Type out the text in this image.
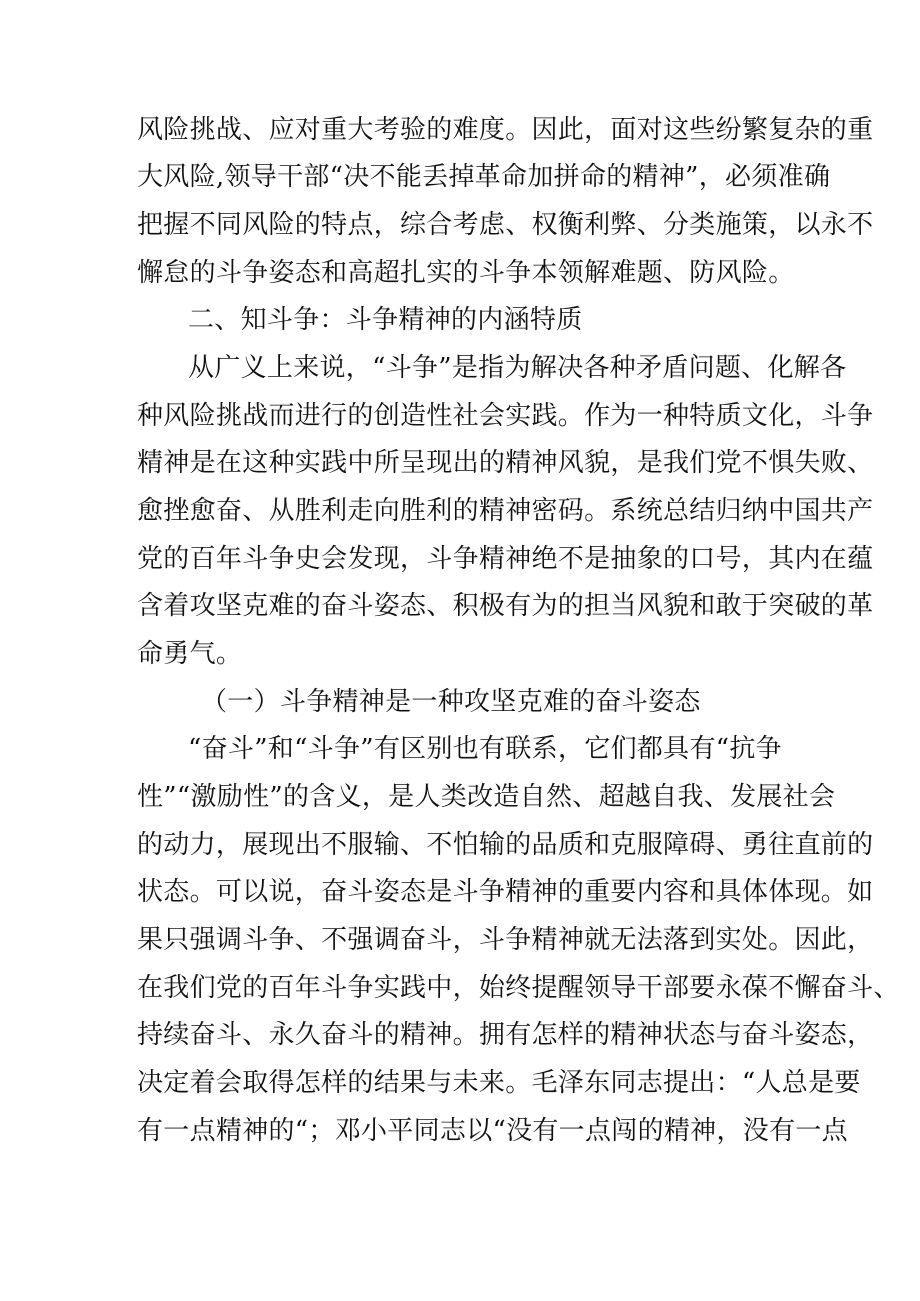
风险挑战、应对重大考验的难度。因此，面对这些纷繁复杂的重
大风险,领导干部“决不能丢掉革命加拼命的精神”，必须准确
把握不同风险的特点，综合考虑、权衡利弊、分类施策，以永不
懈怠的斗争姿态和高超扎实的斗争本领解难题、防风险。
二、知斗争：斗争精神的内涵特质
从广义上来说，“斗争”是指为解决各种矛盾问题、化解各
种风险挑战而进行的创造性社会实践。作为一种特质文化，斗争
精神是在这种实践中所呈现出的精神风貌，是我们党不惧失败、
愈挫愈奋、从胜利走向胜利的精神密码。系统总结归纳中国共产
党的百年斗争史会发现，斗争精神绝不是抽象的口号，其内在蕴
含着攻坚克难的奋斗姿态、积极有为的担当风貌和敢于突破的革
命勇气。
（一）斗争精神是一种攻坚克难的奋斗姿态
“奋斗”和“斗争”有区别也有联系，它们都具有“抗争
性”“激励性”的含义，是人类改造自然、超越自我、发展社会
的动力，展现出不服输、不怕输的品质和克服障碍、勇往直前的
状态。可以说，奋斗姿态是斗争精神的重要内容和具体体现。如
果只强调斗争、不强调奋斗，斗争精神就无法落到实处。因此，
在我们党的百年斗争实践中，始终提醒领导干部要永葆不懈奋斗、
持续奋斗、永久奋斗的精神。拥有怎样的精神状态与奋斗姿态，
决定着会取得怎样的结果与未来。毛泽东同志提出：“人总是要
有一点精神的“；邓小平同志以“没有一点闯的精神，没有一点
